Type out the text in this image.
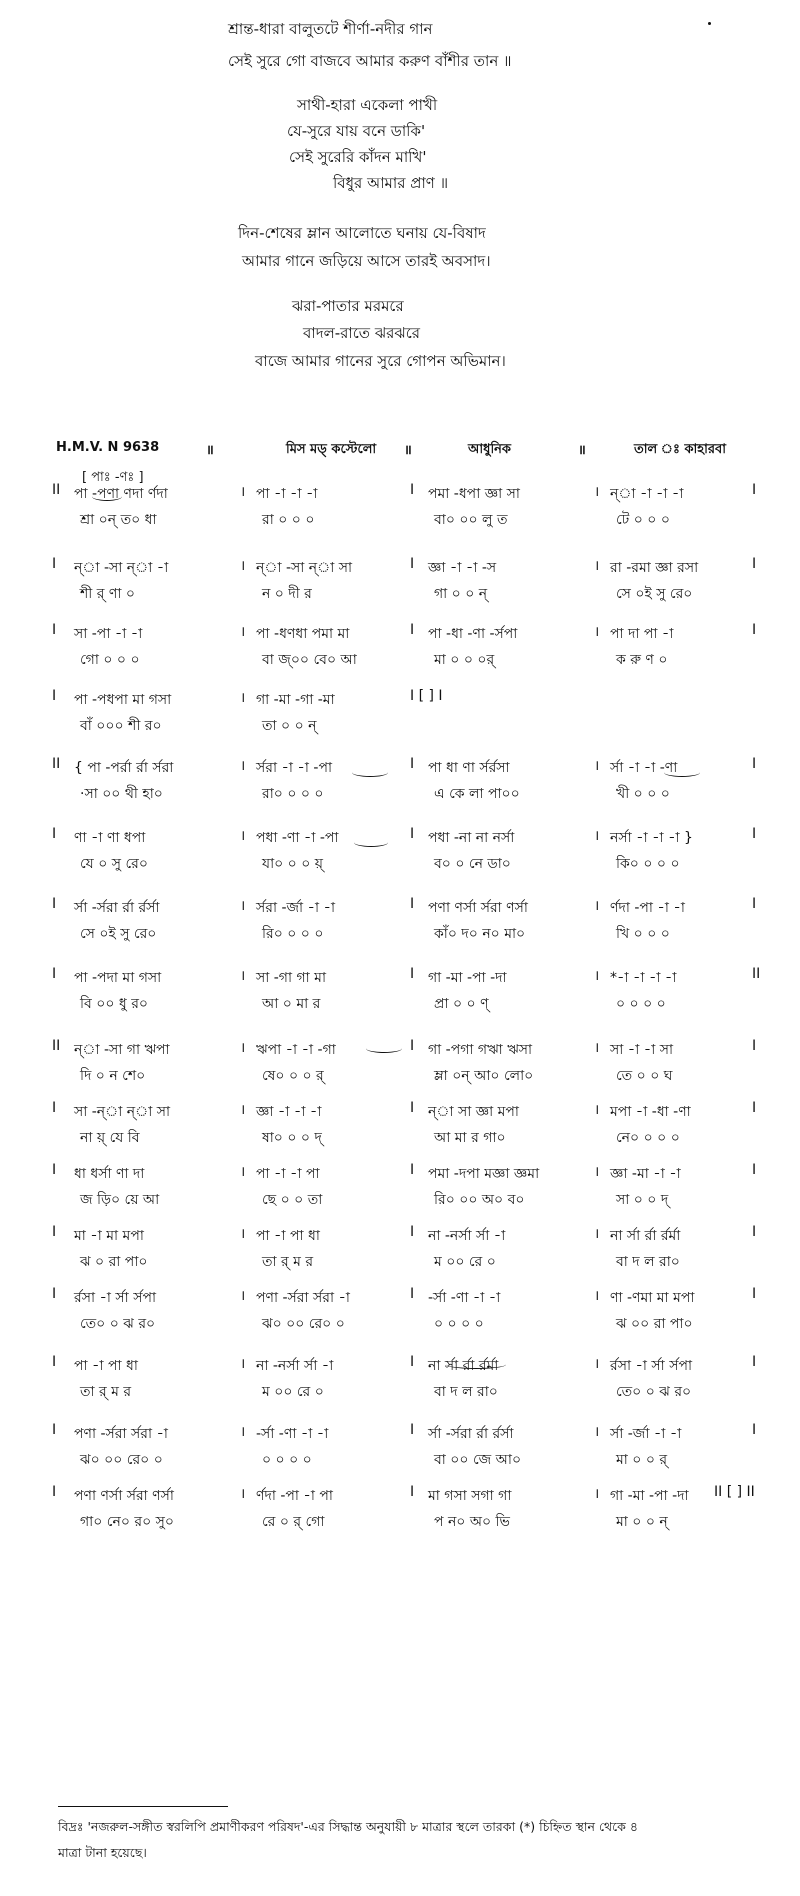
শ্রান্ত-ধারা বালুতটে শীর্ণা-নদীর গান
সেই সুরে গো বাজবে আমার করুণ বাঁশীর তান ॥
সাথী-হারা একেলা পাখী
যে-সুরে যায় বনে ডাকি'
সেই সুরেরি কাঁদন মাখি'
বিধুর আমার প্রাণ ॥
দিন-শেষের ম্লান আলোতে ঘনায় যে-বিষাদ
আমার গানে জড়িয়ে আসে তারই অবসাদ।
ঝরা-পাতার মরমরে
বাদল-রাতে ঝরঝরে
বাজে আমার গানের সুরে গোপন অভিমান।
H.M.V. N 9638	॥	মিস মড্‌ কস্টেলো ॥	আধুনিক	॥	তাল ঃ কাহারবা
[ পাঃ -ণঃ ]
II পা -পণা ণদা র্ণদা	। পা -া -া -া	I পমা -ধপা জ্ঞা সা	। ন্‌া -া -া -া	I
শ্রা ০ন্‌ ত০ ধা	রা ০ ০ ০	বা০ ০০ লু ত	টে ০ ০ ০
I ন্‌া -সা ন্‌া -া	। ন্‌া -সা ন্‌া সা	I জ্ঞা -া -া -স	। রা -রমা জ্ঞা রসা	I
শী র্‌ ণা ০	ন ০ দী র	গা ০ ০ ন্‌	সে ০ই সু রে০
I সা -পা -া -া	। পা -ধণধা পমা মা	I পা -ধা -ণা -র্সপা	। পা দা পা -া	I
গো ০ ০ ০	বা জ্‌০০ বে০ আ	মা ০ ০ ০র্‌	ক রু ণ ০
I পা -পধপা মা গসা	। গা -মা -গা -মা	I [ ] I
বাঁ ০০০ শী র০	তা ০ ০ ন্‌
II { পা -পর্রা র্রা র্সরা	। র্সরা -া -া -পা	I পা ধা ণা র্সর্রসা	। র্সা -া -া -ণা	I
·সা ০০ থী হা০	রা০ ০ ০ ০	এ কে লা পা০০	খী ০ ০ ০
I ণা -া ণা ধপা	। পধা -ণা -া -পা	I পধা -না না নর্সা	। নর্সা -া -া -া }	I
যে ০ সু রে০	যা০ ০ ০ য়্‌	ব০ ০ নে ডা০	কি০ ০ ০ ০
I র্সা -র্সরা র্রা র্রর্সা	। র্সরা -র্জা -া -া	I পণা ণর্সা র্সরা ণর্সা	। র্ণদা -পা -া -া	I
সে ০ই সু রে০	রি০ ০ ০ ০	কাঁ০ দ০ ন০ মা০	খি ০ ০ ০
I পা -পদা মা গসা	। সা -গা গা মা	I গা -মা -পা -দা	। *-া -া -া -া	II
বি ০০ ধু র০	আ ০ মা র	প্রা ০ ০ ণ্‌	০ ০ ০ ০
II ন্‌া -সা গা ঋপা	। ঋপা -া -া -গা	I গা -পগা গঋা ঋসা	। সা -া -া সা	I
দি ০ ন শে০	ষে০ ০ ০ র্‌	ম্লা ০ন্‌ আ০ লো০	তে ০ ০ ঘ
I সা -ন্‌া ন্‌া সা	। জ্ঞা -া -া -া	I ন্‌া সা জ্ঞা মপা	। মপা -া -ধা -ণা	I
না য়্‌ যে বি	ষা০ ০ ০ দ্‌	আ মা র গা০	নে০ ০ ০ ০
I ধা ধর্সা ণা দা	। পা -া -া পা	I পমা -দপা মজ্ঞা জ্ঞমা	। জ্ঞা -মা -া -া	I
জ ড়ি০ য়ে আ	ছে ০ ০ তা	রি০ ০০ অ০ ব০	সা ০ ০ দ্‌
I মা -া মা মপা	। পা -া পা ধা	I না -নর্সা র্সা -া	। না র্সা র্রা র্রর্মা	I
ঝ ০ রা পা০	তা র্‌ ম র	ম ০০ রে ০	বা দ ল রা০
I র্রসা -া র্সা র্সপা	। পণা -র্সরা র্সরা -া	I -র্সা -ণা -া -া	। ণা -ণমা মা মপা	I
তে০ ০ ঝ র০	ঝ০ ০০ রে০ ০	০ ০ ০ ০	ঝ ০০ রা পা০
I পা -া পা ধা	। না -নর্সা র্সা -া	I না র্সা র্রা র্রর্মা	। র্রসা -া র্সা র্সপা	I
তা র্‌ ম র	ম ০০ রে ০	বা দ ল রা০	তে০ ০ ঝ র০
I পণা -র্সরা র্সরা -া	। -র্সা -ণা -া -া	I র্সা -র্সরা র্রা র্রর্সা	। র্সা -র্জা -া -া	I
ঝ০ ০০ রে০ ০	০ ০ ০ ০	বা ০০ জে আ০	মা ০ ০ র্‌
I পণা ণর্সা র্সরা ণর্সা	। র্ণদা -পা -া পা	I মা গসা সগা গা	। গা -মা -পা -দা II [ ] II
গা০ নে০ র০ সু০	রে ০ র্‌ গো	প ন০ অ০ ভি	মা ০ ০ ন্‌
বিদ্রঃ 'নজরুল-সঙ্গীত স্বরলিপি প্রমাণীকরণ পরিষদ'-এর সিদ্ধান্ত অনুযায়ী ৮ মাত্রার স্থলে তারকা (*) চিহ্নিত স্থান থেকে ৪
মাত্রা টানা হয়েছে।
